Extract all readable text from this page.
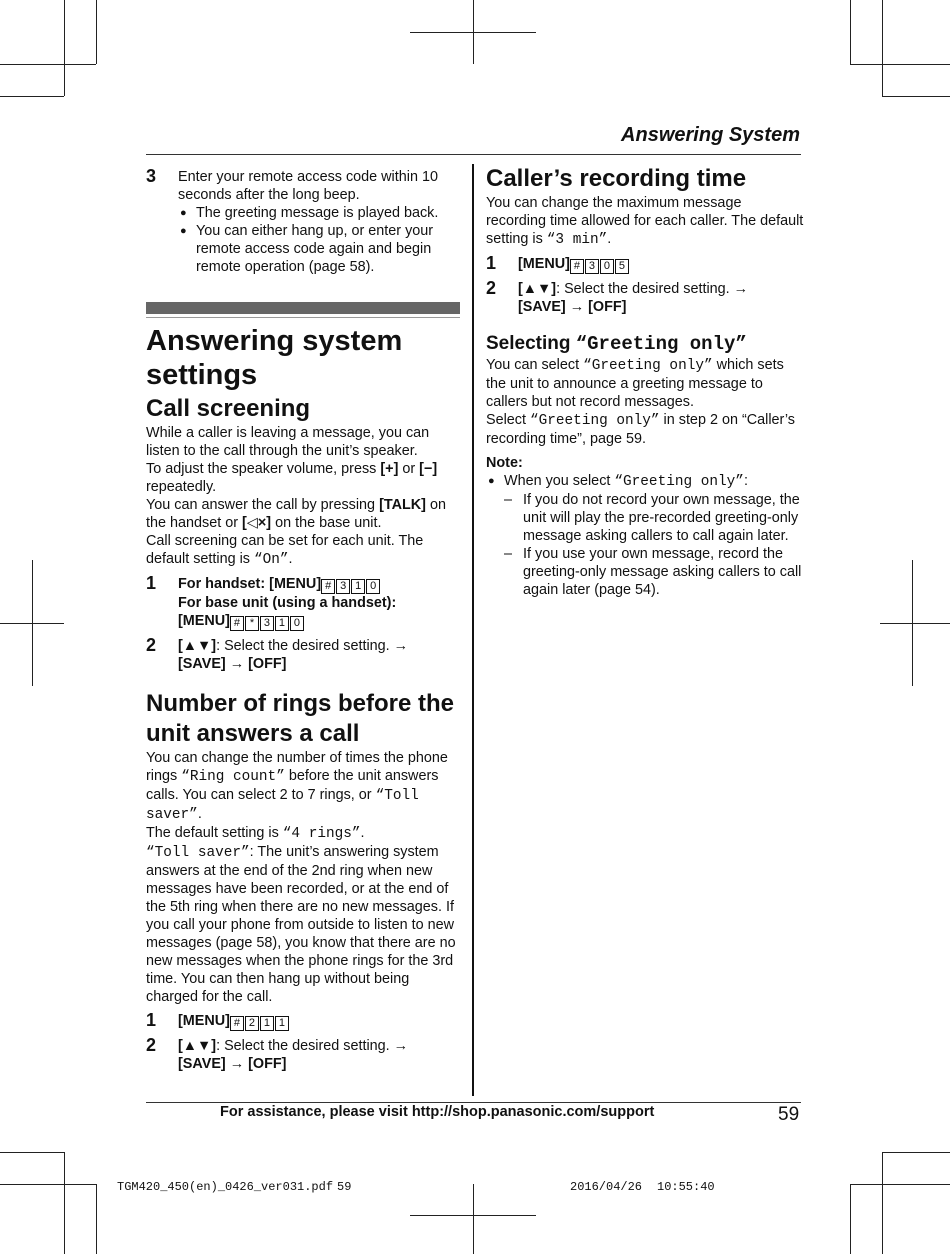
Answering System
3 Enter your remote access code within 10 seconds after the long beep.

● The greeting message is played back.

● You can either hang up, or enter your remote access code again and begin remote operation (page 58).

Answering system settings
Call screening

While a caller is leaving a message, you can listen to the call through the unit’s speaker.

To adjust the speaker volume, press [+] or [−] repeatedly.

You can answer the call by pressing [TALK] on the handset or [◁×] on the base unit.

Call screening can be set for each unit. The default setting is “On”.

1 For handset: [MENU] # 3 1 0

For base unit (using a handset):

[MENU] # * 3 1 0

2 [▲▼]: Select the desired setting. →

[SAVE] → [OFF]

Number of rings before the unit answers a call

You can change the number of times the phone rings “Ring count” before the unit answers calls. You can select 2 to 7 rings, or “Toll saver”.

The default setting is “4 rings”.

“Toll saver”: The unit’s answering system answers at the end of the 2nd ring when new messages have been recorded, or at the end of the 5th ring when there are no new messages. If you call your phone from outside to listen to new messages (page 58), you know that there are no new messages when the phone rings for the 3rd time. You can then hang up without being charged for the call.

1 [MENU] # 2 1 1

2 [▲▼]: Select the desired setting. →

[SAVE] → [OFF]

Caller’s recording time

You can change the maximum message recording time allowed for each caller. The default setting is “3 min”.

1 [MENU] # 3 0 5

2 [▲▼]: Select the desired setting. →

[SAVE] → [OFF]

Selecting “Greeting only”

You can select “Greeting only” which sets the unit to announce a greeting message to callers but not record messages.

Select “Greeting only” in step 2 on “Caller’s recording time”, page 59.

Note:

● When you select “Greeting only”:

– If you do not record your own message, the unit will play the pre-recorded greeting-only message asking callers to call again later.

– If you use your own message, record the greeting-only message asking callers to call again later (page 54).

For assistance, please visit http://shop.panasonic.com/support	59
TGM420_450(en)_0426_ver031.pdf 59	2016/04/26 10:55:40
